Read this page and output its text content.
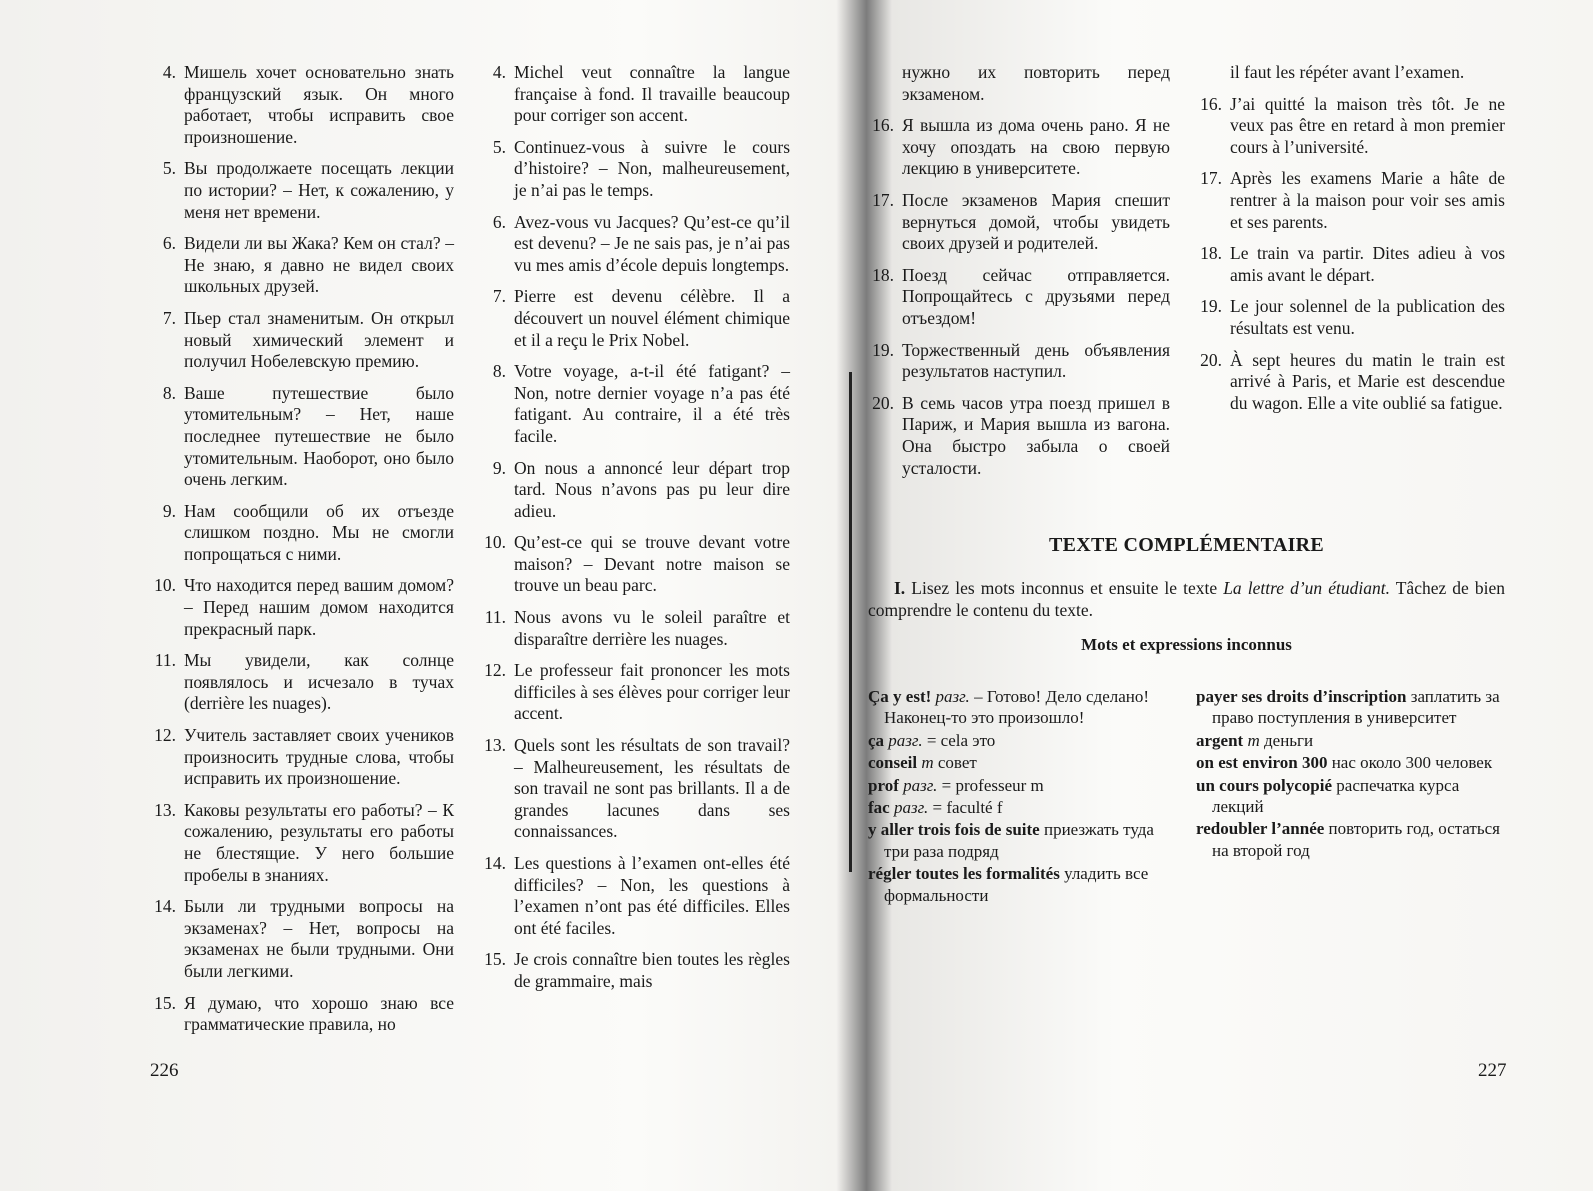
4. Мишель хочет основательно знать французский язык. Он много работает, чтобы исправить свое произношение.
5. Вы продолжаете посещать лекции по истории? – Нет, к сожалению, у меня нет времени.
6. Видели ли вы Жака? Кем он стал? – Не знаю, я давно не видел своих школьных друзей.
7. Пьер стал знаменитым. Он открыл новый химический элемент и получил Нобелевскую премию.
8. Ваше путешествие было утомительным? – Нет, наше последнее путешествие не было утомительным. Наоборот, оно было очень легким.
9. Нам сообщили об их отъезде слишком поздно. Мы не смогли попрощаться с ними.
10. Что находится перед вашим домом? – Перед нашим домом находится прекрасный парк.
11. Мы увидели, как солнце появлялось и исчезало в тучах (derrière les nuages).
12. Учитель заставляет своих учеников произносить трудные слова, чтобы исправить их произношение.
13. Каковы результаты его работы? – К сожалению, результаты его работы не блестящие. У него большие пробелы в знаниях.
14. Были ли трудными вопросы на экзаменах? – Нет, вопросы на экзаменах не были трудными. Они были легкими.
15. Я думаю, что хорошо знаю все грамматические правила, но
4. Michel veut connaître la langue française à fond. Il travaille beaucoup pour corriger son accent.
5. Continuez-vous à suivre le cours d’histoire? – Non, malheureusement, je n’ai pas le temps.
6. Avez-vous vu Jacques? Qu’est-ce qu’il est devenu? – Je ne sais pas, je n’ai pas vu mes amis d’école depuis longtemps.
7. Pierre est devenu célèbre. Il a découvert un nouvel élément chimique et il a reçu le Prix Nobel.
8. Votre voyage, a-t-il été fatigant? – Non, notre dernier voyage n’a pas été fatigant. Au contraire, il a été très facile.
9. On nous a annoncé leur départ trop tard. Nous n’avons pas pu leur dire adieu.
10. Qu’est-ce qui se trouve devant votre maison? – Devant notre maison se trouve un beau parc.
11. Nous avons vu le soleil paraître et disparaître derrière les nuages.
12. Le professeur fait prononcer les mots difficiles à ses élèves pour corriger leur accent.
13. Quels sont les résultats de son travail? – Malheureusement, les résultats de son travail ne sont pas brillants. Il a de grandes lacunes dans ses connaissances.
14. Les questions à l’examen ont-elles été difficiles? – Non, les questions à l’examen n’ont pas été difficiles. Elles ont été faciles.
15. Je crois connaître bien toutes les règles de grammaire, mais
226
нужно их повторить перед экзаменом.
16. Я вышла из дома очень рано. Я не хочу опоздать на свою первую лекцию в университете.
17. После экзаменов Мария спешит вернуться домой, чтобы увидеть своих друзей и родителей.
18. Поезд сейчас отправляется. Попрощайтесь с друзьями перед отъездом!
19. Торжественный день объявления результатов наступил.
20. В семь часов утра поезд пришел в Париж, и Мария вышла из вагона. Она быстро забыла о своей усталости.
il faut les répéter avant l’examen.
16. J’ai quitté la maison très tôt. Je ne veux pas être en retard à mon premier cours à l’université.
17. Après les examens Marie a hâte de rentrer à la maison pour voir ses amis et ses parents.
18. Le train va partir. Dites adieu à vos amis avant le départ.
19. Le jour solennel de la publication des résultats est venu.
20. À sept heures du matin le train est arrivé à Paris, et Marie est descendue du wagon. Elle a vite oublié sa fatigue.
TEXTE COMPLÉMENTAIRE

I. Lisez les mots inconnus et ensuite le texte La lettre d’un étudiant. Tâchez de bien comprendre le contenu du texte.

Mots et expressions inconnus
Ça y est! разг. – Готово! Дело сделано! Наконец-то это произошло!
ça разг. = cela это
conseil m совет
prof разг. = professeur m
fac разг. = faculté f
y aller trois fois de suite приезжать туда три раза подряд
régler toutes les formalités уладить все формальности
payer ses droits d’inscription заплатить за право поступления в университет
argent m деньги
on est environ 300 нас около 300 человек
un cours polycopié распечатка курса лекций
redoubler l’année повторить год, остаться на второй год
227
